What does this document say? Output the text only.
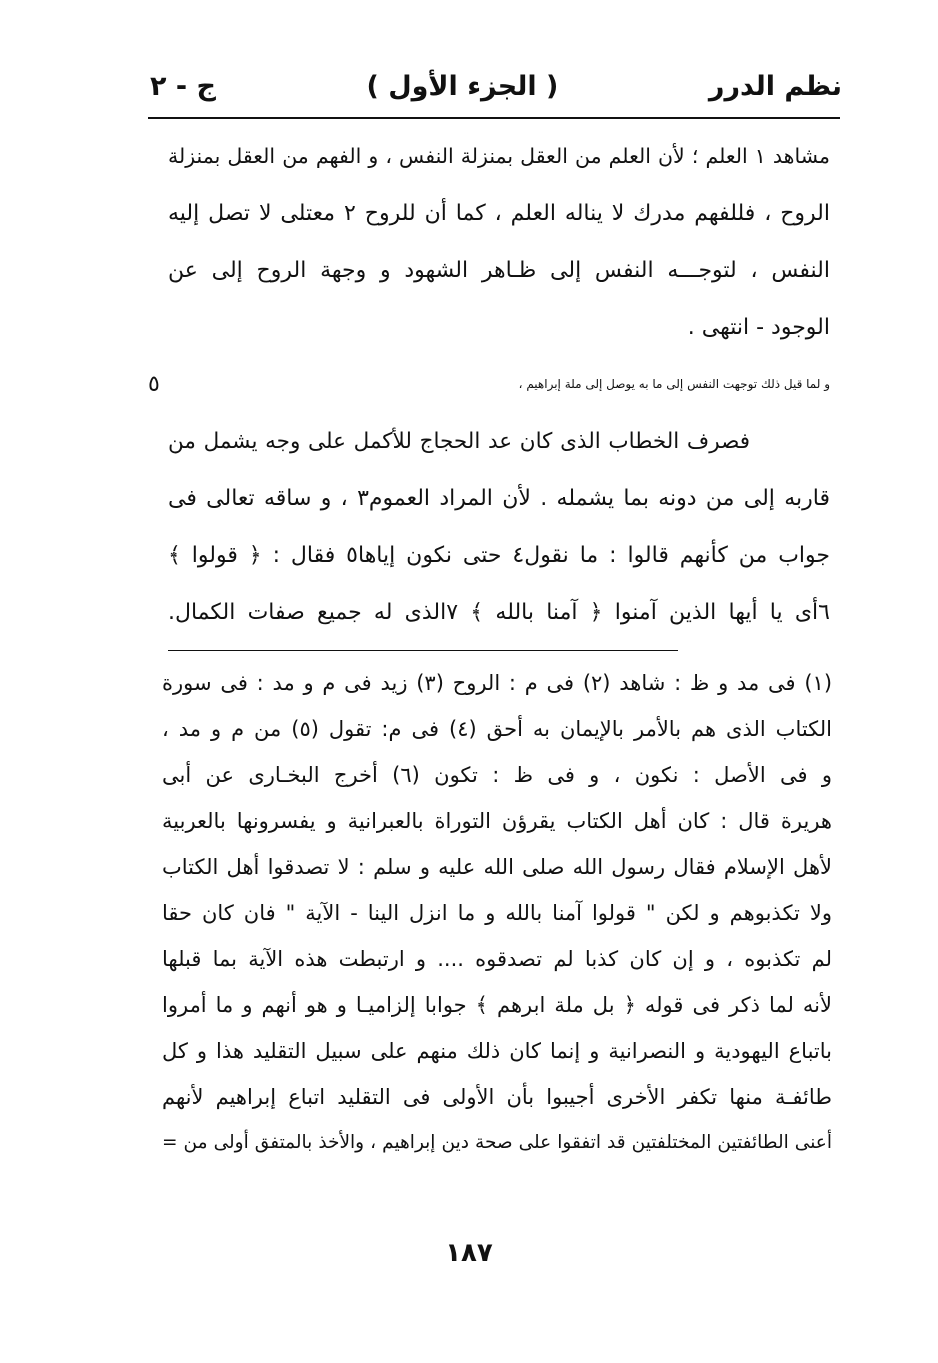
نظم الدرر
( الجزء الأول )
ج - ٢
مشاهد ١ العلم ؛ لأن العلم من العقل بمنزلة النفس ، و الفهم من العقل بمنزلة
الروح ، فللفهم مدرك لا يناله العلم ، كما أن للروح ٢ معتلى لا تصل إليه
النفس ، لتوجـــه النفس إلى ظـاهر الشهود و وجهة الروح إلى عن
الوجود - انتهى .
و لما قيل ذلك توجهت النفس إلى ما به يوصل إلى ملة إبراهيم ،
٥
فصرف الخطاب الذى كان عد الحجاج للأكمل على وجه يشمل من
قاربه إلى من دونه بما يشمله . لأن المراد العموم٣ ، و ساقه تعالى فى
جواب من كأنهم قالوا : ما نقول٤ حتى نكون إياها٥ فقال : ﴿ قولوا ﴾
٦أى يا أيها الذين آمنوا ﴿ آمنا بالله ﴾ ٧الذى له جميع صفات الكمال.
(١) فى مد و ظ : شاهد (٢) فى م : الروح (٣) زيد فى م و مد : فى سورة
الكتاب الذى هم بالأمر بالإيمان به أحق (٤) فى م: تقول (٥) من م و مد ،
و فى الأصل : نكون ، و فى ظ : تكون (٦) أخرج البخـارى عن أبى
هريرة قال : كان أهل الكتاب يقرؤن التوراة بالعبرانية و يفسرونها بالعربية
لأهل الإسلام فقال رسول الله صلى الله عليه و سلم : لا تصدقوا أهل الكتاب
ولا تكذبوهم و لكن " قولوا آمنا بالله و ما انزل الينا - الآية " فان كان حقا
لم تكذبوه ، و إن كان كذبا لم تصدقوه .... و ارتبطت هذه الآية بما قبلها
لأنه لما ذكر فى قوله ﴿ بل ملة ابرهم ﴾ جوابا إلزاميـا و هو أنهم و ما أمروا
باتباع اليهودية و النصرانية و إنما كان ذلك منهم على سبيل التقليد هذا و كل
طائفـة منها تكفر الأخرى أجيبوا بأن الأولى فى التقليد اتباع إبراهيم لأنهم
أعنى الطائفتين المختلفتين قد اتفقوا على صحة دين إبراهيم ، والأخذ بالمتفق أولى من =
١٨٧
